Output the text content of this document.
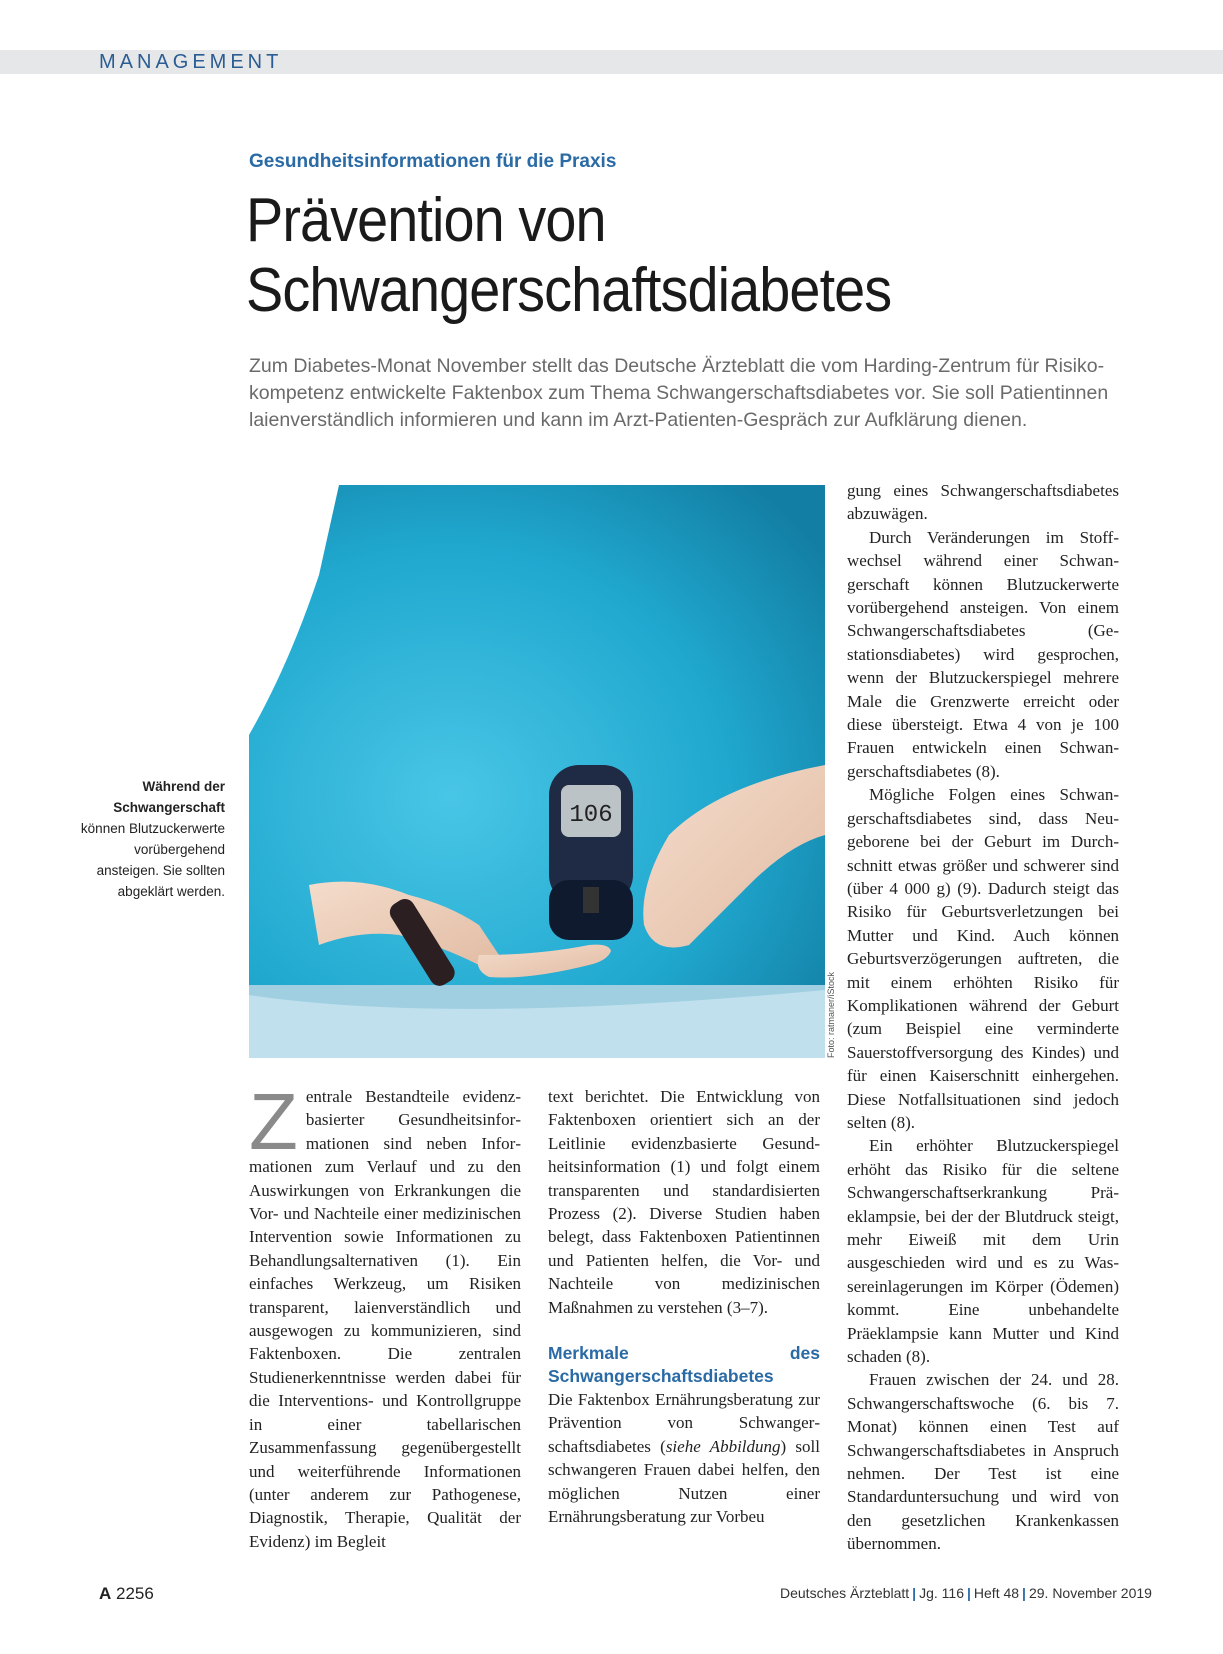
MANAGEMENT
Gesundheitsinformationen für die Praxis
Prävention von
Schwangerschaftsdiabetes
Zum Diabetes-Monat November stellt das Deutsche Ärzteblatt die vom Harding-Zentrum für Risiko-
kompetenz entwickelte Faktenbox zum Thema Schwangerschaftsdiabetes vor. Sie soll Patientinnen
laienverständlich informieren und kann im Arzt-Patienten-Gespräch zur Aufklärung dienen.
106
Foto: ratmaner/iStock
Während der Schwangerschaft können Blutzuckerwerte vorübergehend ansteigen. Sie sollten abgeklärt werden.

Zentrale Bestandteile evidenzbasierter Gesundheitsinformationen sind neben Informationen zum Verlauf und zu den Auswirkungen von Erkrankungen die Vor- und Nachteile einer medizinischen Intervention sowie Informationen zu Behandlungsalternativen (1). Ein einfaches Werkzeug, um Risiken transparent, laienverständlich und ausgewogen zu kommunizieren, sind Faktenboxen. Die zentralen Studienerkenntnisse werden dabei für die Interventions- und Kontrollgruppe in einer tabellarischen Zusammenfassung gegenübergestellt und weiterführende Informationen (unter anderem zur Pathogenese, Diagnostik, Therapie, Qualität der Evidenz) im Begleit

text berichtet. Die Entwicklung von Faktenboxen orientiert sich an der Leitlinie evidenzbasierte Gesundheitsinformation (1) und folgt einem transparenten und standardisierten Prozess (2). Diverse Studien haben belegt, dass Faktenboxen Patientinnen und Patienten helfen, die Vor- und Nachteile von medizinischen Maßnahmen zu verstehen (3–7).

Merkmale des Schwangerschaftsdiabetes

Die Faktenbox Ernährungsberatung zur Prävention von Schwangerschaftsdiabetes (siehe Abbildung) soll schwangeren Frauen dabei helfen, den möglichen Nutzen einer Ernährungsberatung zur Vorbeu

gung eines Schwangerschaftsdiabetes abzuwägen.

Durch Veränderungen im Stoffwechsel während einer Schwangerschaft können Blutzuckerwerte vorübergehend ansteigen. Von einem Schwangerschaftsdiabetes (Gestationsdiabetes) wird gesprochen, wenn der Blutzuckerspiegel mehrere Male die Grenzwerte erreicht oder diese übersteigt. Etwa 4 von je 100 Frauen entwickeln einen Schwangerschaftsdiabetes (8).

Mögliche Folgen eines Schwangerschaftsdiabetes sind, dass Neugeborene bei der Geburt im Durchschnitt etwas größer und schwerer sind (über 4 000 g) (9). Dadurch steigt das Risiko für Geburtsverletzungen bei Mutter und Kind. Auch können Geburtsverzögerungen auftreten, die mit einem erhöhten Risiko für Komplikationen während der Geburt (zum Beispiel eine verminderte Sauerstoffversorgung des Kindes) und für einen Kaiserschnitt einhergehen. Diese Notfallsituationen sind jedoch selten (8).

Ein erhöhter Blutzuckerspiegel erhöht das Risiko für die seltene Schwangerschaftserkrankung Präeklampsie, bei der der Blutdruck steigt, mehr Eiweiß mit dem Urin ausgeschieden wird und es zu Wassereinlagerungen im Körper (Ödemen) kommt. Eine unbehandelte Präeklampsie kann Mutter und Kind schaden (8).

Frauen zwischen der 24. und 28. Schwangerschaftswoche (6. bis 7. Monat) können einen Test auf Schwangerschaftsdiabetes in Anspruch nehmen. Der Test ist eine Standarduntersuchung und wird von den gesetzlichen Krankenkassen übernommen.

A 2256	Deutsches Ärzteblatt | Jg. 116 | Heft 48 | 29. November 2019
